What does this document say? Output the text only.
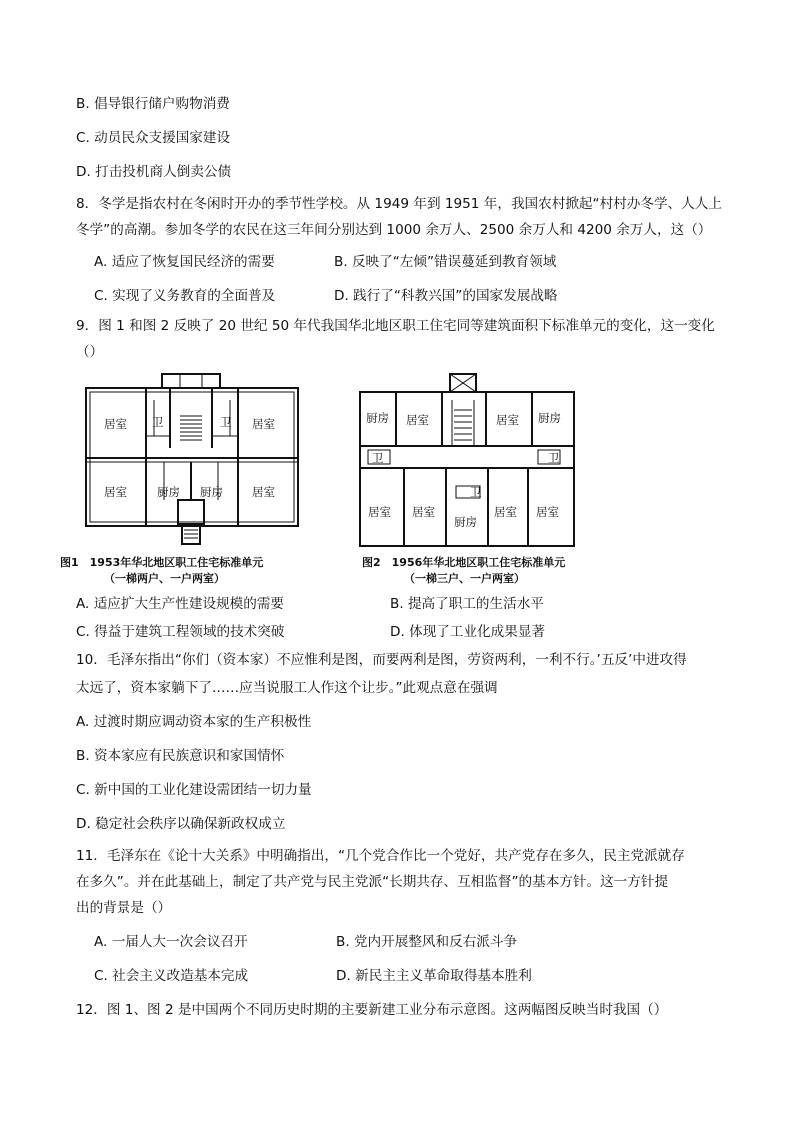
B. 倡导银行储户购物消费
C. 动员民众支援国家建设
D. 打击投机商人倒卖公债
8．冬学是指农村在冬闲时开办的季节性学校。从 1949 年到 1951 年，我国农村掀起“村村办冬学、人人上
冬学”的高潮。参加冬学的农民在这三年间分别达到 1000 余万人、2500 余万人和 4200 余万人，这（）
A. 适应了恢复国民经济的需要	B. 反映了“左倾”错误蔓延到教育领域
C. 实现了义务教育的全面普及	D. 践行了“科教兴国”的国家发展战略
9．图 1 和图 2 反映了 20 世纪 50 年代我国华北地区职工住宅同等建筑面积下标准单元的变化，这一变化
（）
居室	居室
居室	居室
卫	卫
厨房 厨房
图1　1953年华北地区职工住宅标准单元
（一梯两户、一户两室）
厨房 居室	居室 厨房
卫	卫
居室 居室
卫
厨房
居室 居室
图2　1956年华北地区职工住宅标准单元
（一梯三户、一户两室）
A. 适应扩大生产性建设规模的需要	B. 提高了职工的生活水平
C. 得益于建筑工程领域的技术突破	D. 体现了工业化成果显著
10．毛泽东指出“你们（资本家）不应惟利是图，而要两利是图，劳资两利，一利不行。’五反’中进攻得
太远了，资本家躺下了……应当说服工人作这个让步。”此观点意在强调
A. 过渡时期应调动资本家的生产积极性
B. 资本家应有民族意识和家国情怀
C. 新中国的工业化建设需团结一切力量
D. 稳定社会秩序以确保新政权成立
11．毛泽东在《论十大关系》中明确指出，“几个党合作比一个党好，共产党存在多久，民主党派就存
在多久”。并在此基础上，制定了共产党与民主党派“长期共存、互相监督”的基本方针。这一方针提
出的背景是（）
A. 一届人大一次会议召开	B. 党内开展整风和反右派斗争
C. 社会主义改造基本完成	D. 新民主主义革命取得基本胜利
12．图 1、图 2 是中国两个不同历史时期的主要新建工业分布示意图。这两幅图反映当时我国（）
